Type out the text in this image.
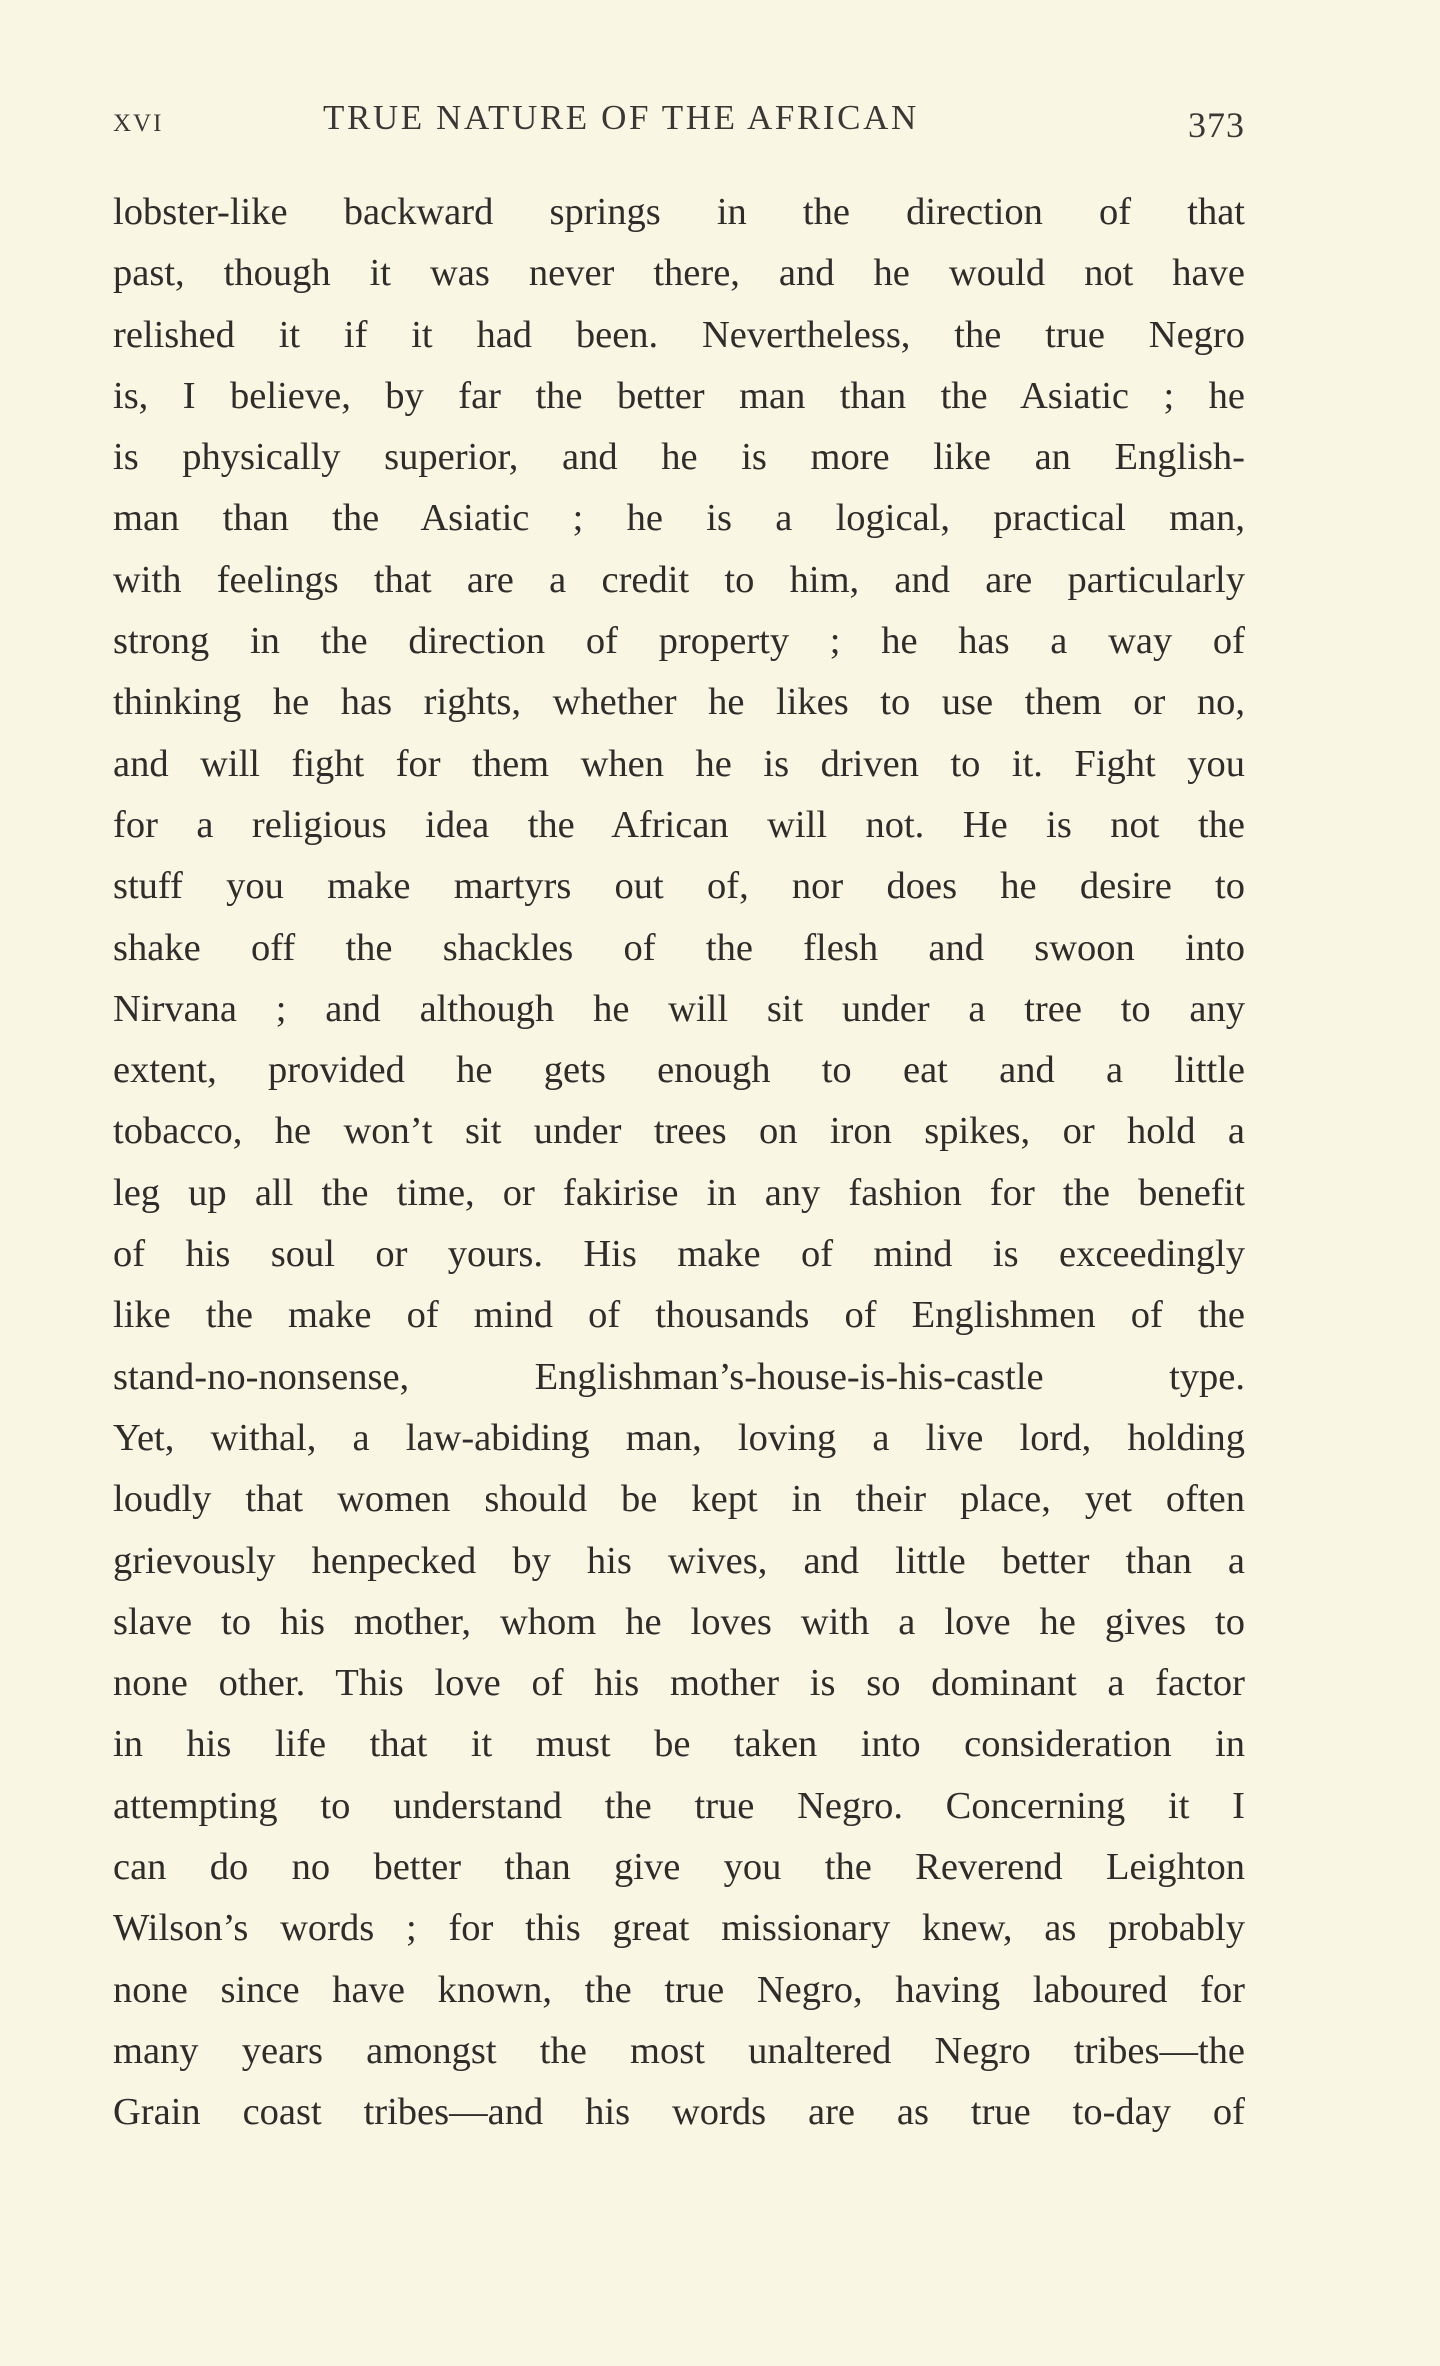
xvi	TRUE NATURE OF THE AFRICAN	373
lobster-like backward springs in the direction of that
past, though it was never there, and he would not have
relished it if it had been. Nevertheless, the true Negro
is, I believe, by far the better man than the Asiatic ; he
is physically superior, and he is more like an English-
man than the Asiatic ; he is a logical, practical man,
with feelings that are a credit to him, and are particularly
strong in the direction of property ; he has a way of
thinking he has rights, whether he likes to use them or no,
and will fight for them when he is driven to it. Fight you
for a religious idea the African will not. He is not the
stuff you make martyrs out of, nor does he desire to
shake off the shackles of the flesh and swoon into
Nirvana ; and although he will sit under a tree to any
extent, provided he gets enough to eat and a little
tobacco, he won’t sit under trees on iron spikes, or hold a
leg up all the time, or fakirise in any fashion for the benefit
of his soul or yours. His make of mind is exceedingly
like the make of mind of thousands of Englishmen of the
stand-no-nonsense, Englishman’s-house-is-his-castle type.
Yet, withal, a law-abiding man, loving a live lord, holding
loudly that women should be kept in their place, yet often
grievously henpecked by his wives, and little better than a
slave to his mother, whom he loves with a love he gives to
none other. This love of his mother is so dominant a factor
in his life that it must be taken into consideration in
attempting to understand the true Negro. Concerning it I
can do no better than give you the Reverend Leighton
Wilson’s words ; for this great missionary knew, as probably
none since have known, the true Negro, having laboured for
many years amongst the most unaltered Negro tribes—the
Grain coast tribes—and his words are as true to-day of
